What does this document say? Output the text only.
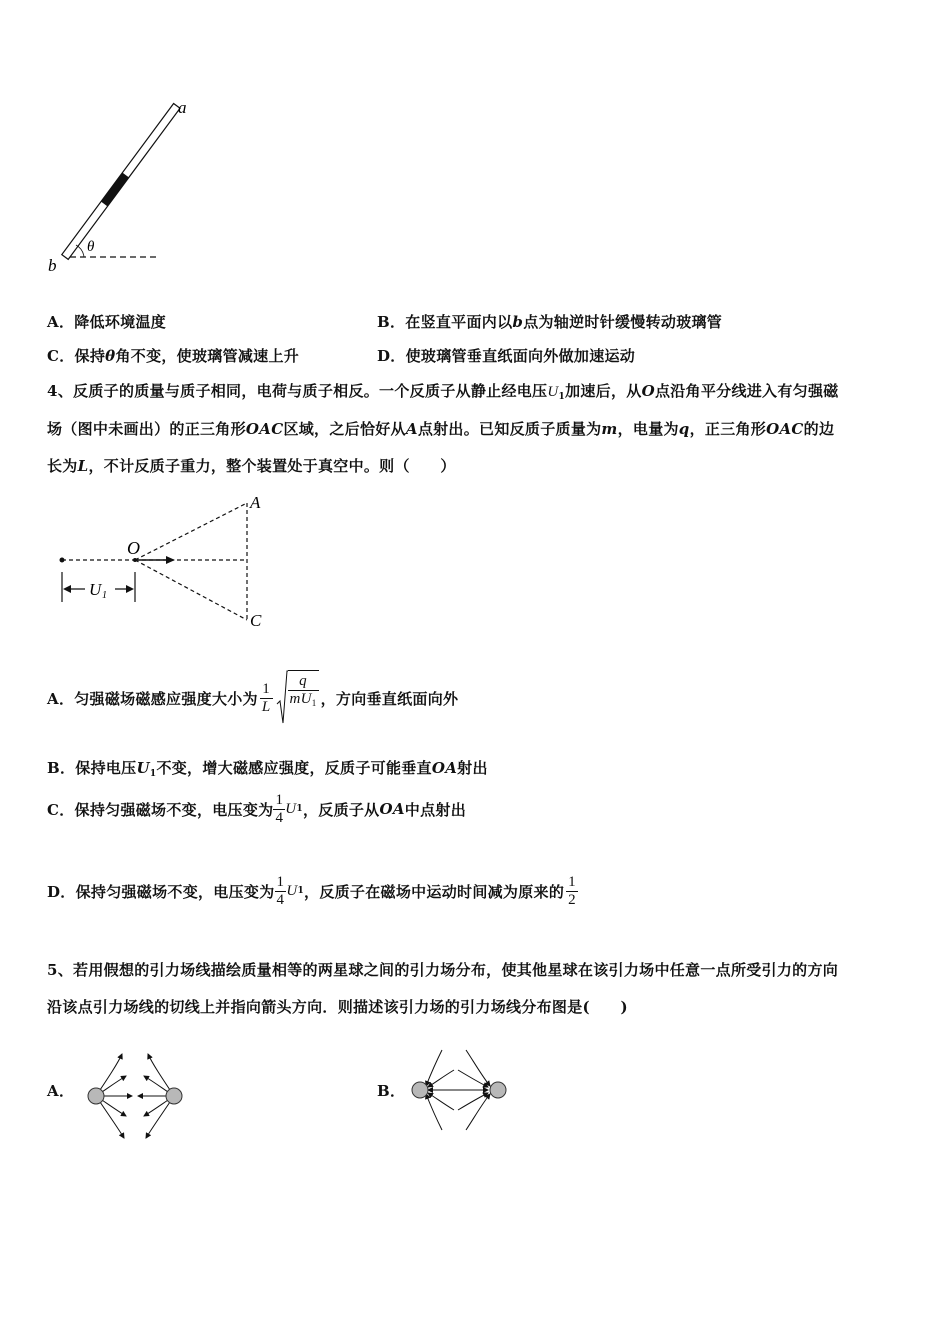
a
b
θ
A．降低环境温度	B．在竖直平面内以b点为轴逆时针缓慢转动玻璃管
C．保持θ角不变，使玻璃管减速上升	D．使玻璃管垂直纸面向外做加速运动
4、反质子的质量与质子相同，电荷与质子相反。一个反质子从静止经电压$U_1$加速后，从O点沿角平分线进入有匀强磁
场（图中未画出）的正三角形OAC区域，之后恰好从A点射出。已知反质子质量为m，电量为q，正三角形OAC的边
长为L，不计反质子重力，整个装置处于真空中。则（　　）
U 1
O
A
C
A． 匀强磁场磁感应强度大小为 $\frac{1}{L} \frac{q}{mU_1}$ ，方向垂直纸面向外
B．保持电压$U_1$不变，增大磁感应强度，反质子可能垂直OA射出
C． 保持匀强磁场不变，电压变为 $\frac{1}{4}$ U 1 ，反质子从 OA 中点射出
D． 保持匀强磁场不变，电压变为 $\frac{1}{4}$ U 1 ，反质子在磁场中运动时间减为原来的 $\frac{1}{2}$
5、若用假想的引力场线描绘质量相等的两星球之间的引力场分布，使其他星球在该引力场中任意一点所受引力的方向
沿该点引力场线的切线上并指向箭头方向．则描述该引力场的引力场线分布图是(　　)
A．	B．
